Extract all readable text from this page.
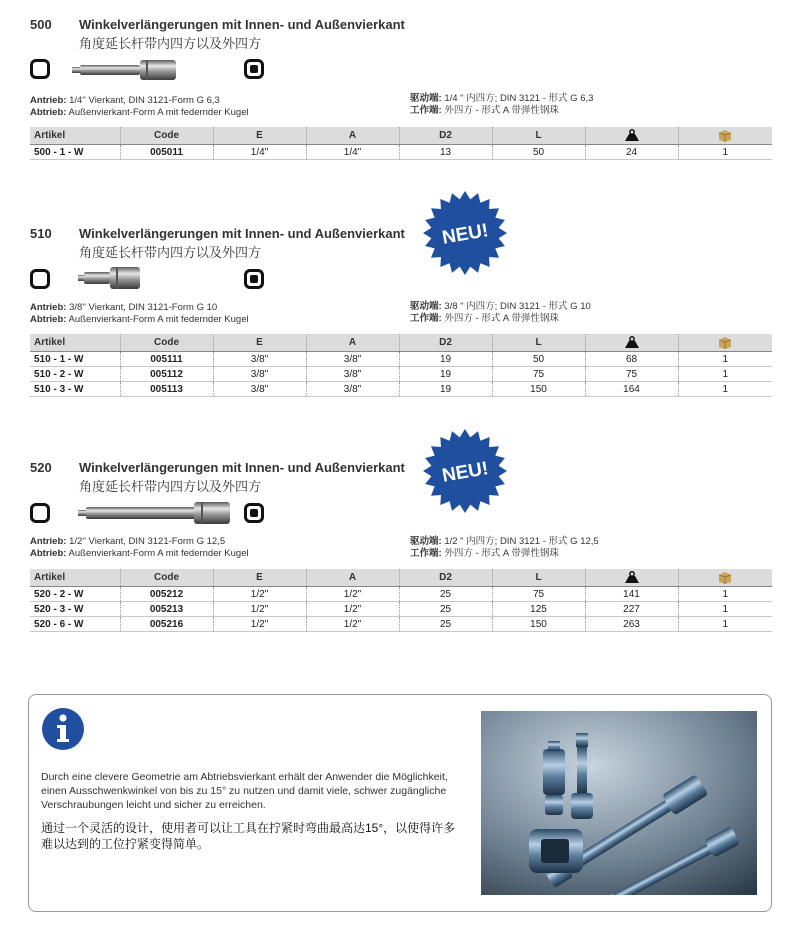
500 Winkelverlängerungen mit Innen- und Außenvierkant
角度延长杆带内四方以及外四方
Antrieb: 1/4'' Vierkant, DIN 3121-Form G 6,3
Abtrieb: Außenvierkant-Form A mit federnder Kugel
驱动端: 1/4 " 内四方; DIN 3121 - 形式 G 6,3
工作端: 外四方 - 形式 A 带弹性钢珠
Artikel	Code	E	A	D2	L		
500 - 1 - W	005011	1/4"	1/4"	13	50	24	1
510 Winkelverlängerungen mit Innen- und Außenvierkant
角度延长杆带内四方以及外四方
NEU!
Antrieb: 3/8'' Vierkant, DIN 3121-Form G 10
Abtrieb: Außenvierkant-Form A mit federnder Kugel
驱动端: 3/8 " 内四方; DIN 3121 - 形式 G 10
工作端: 外四方 - 形式 A 带弹性钢珠
Artikel	Code	E	A	D2	L		
510 - 1 - W	005111	3/8"	3/8"	19	50	68	1
510 - 2 - W	005112	3/8"	3/8"	19	75	75	1
510 - 3 - W	005113	3/8"	3/8"	19	150	164	1
520 Winkelverlängerungen mit Innen- und Außenvierkant
角度延长杆带内四方以及外四方	NEU!
Antrieb: 1/2'' Vierkant, DIN 3121-Form G 12,5
Abtrieb: Außenvierkant-Form A mit federnder Kugel
驱动端: 1/2 " 内四方; DIN 3121 - 形式 G 12,5
工作端: 外四方 - 形式 A 带弹性钢珠
Artikel	Code	E	A	D2	L		
520 - 2 - W	005212	1/2"	1/2"	25	75	141	1
520 - 3 - W	005213	1/2"	1/2"	25	125	227	1
520 - 6 - W	005216	1/2"	1/2"	25	150	263	1
Durch eine clevere Geometrie am Abtriebsvierkant erhält der Anwender die Möglichkeit, einen Ausschwenkwinkel von bis zu 15° zu nutzen und damit viele, schwer zugängliche Verschraubungen leicht und sicher zu erreichen.
通过一个灵活的设计，使用者可以让工具在拧紧时弯曲最高达15°，以使得许多难以达到的工位拧紧变得简单。
